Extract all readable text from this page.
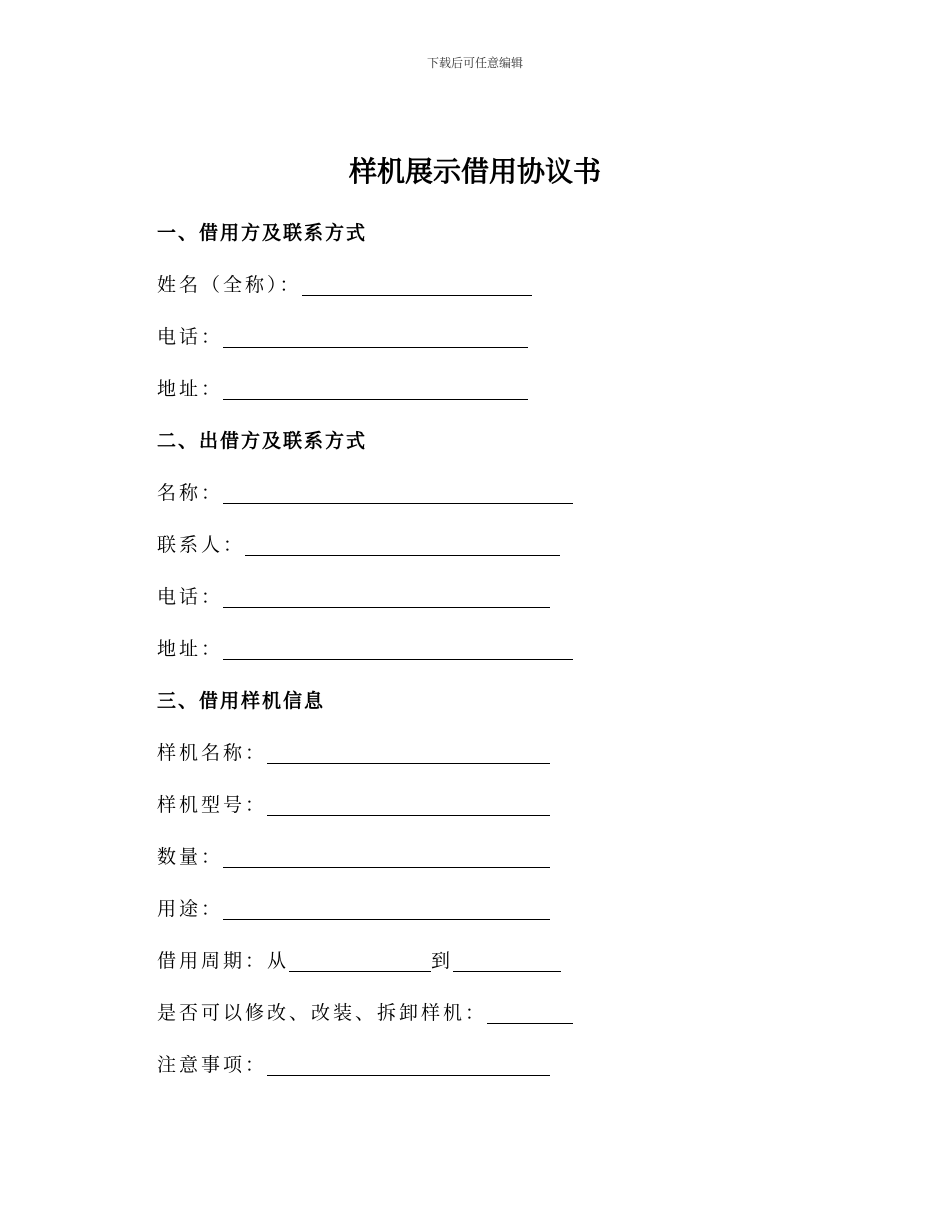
下载后可任意编辑
样机展示借用协议书
一、借用方及联系方式
姓名（全称）：
电话：
地址：
二、出借方及联系方式
名称：
联系人：
电话：
地址：
三、借用样机信息
样机名称：
样机型号：
数量：
用途：
借用周期： 从	到
是否可以修改、改装、拆卸样机：
注意事项：
